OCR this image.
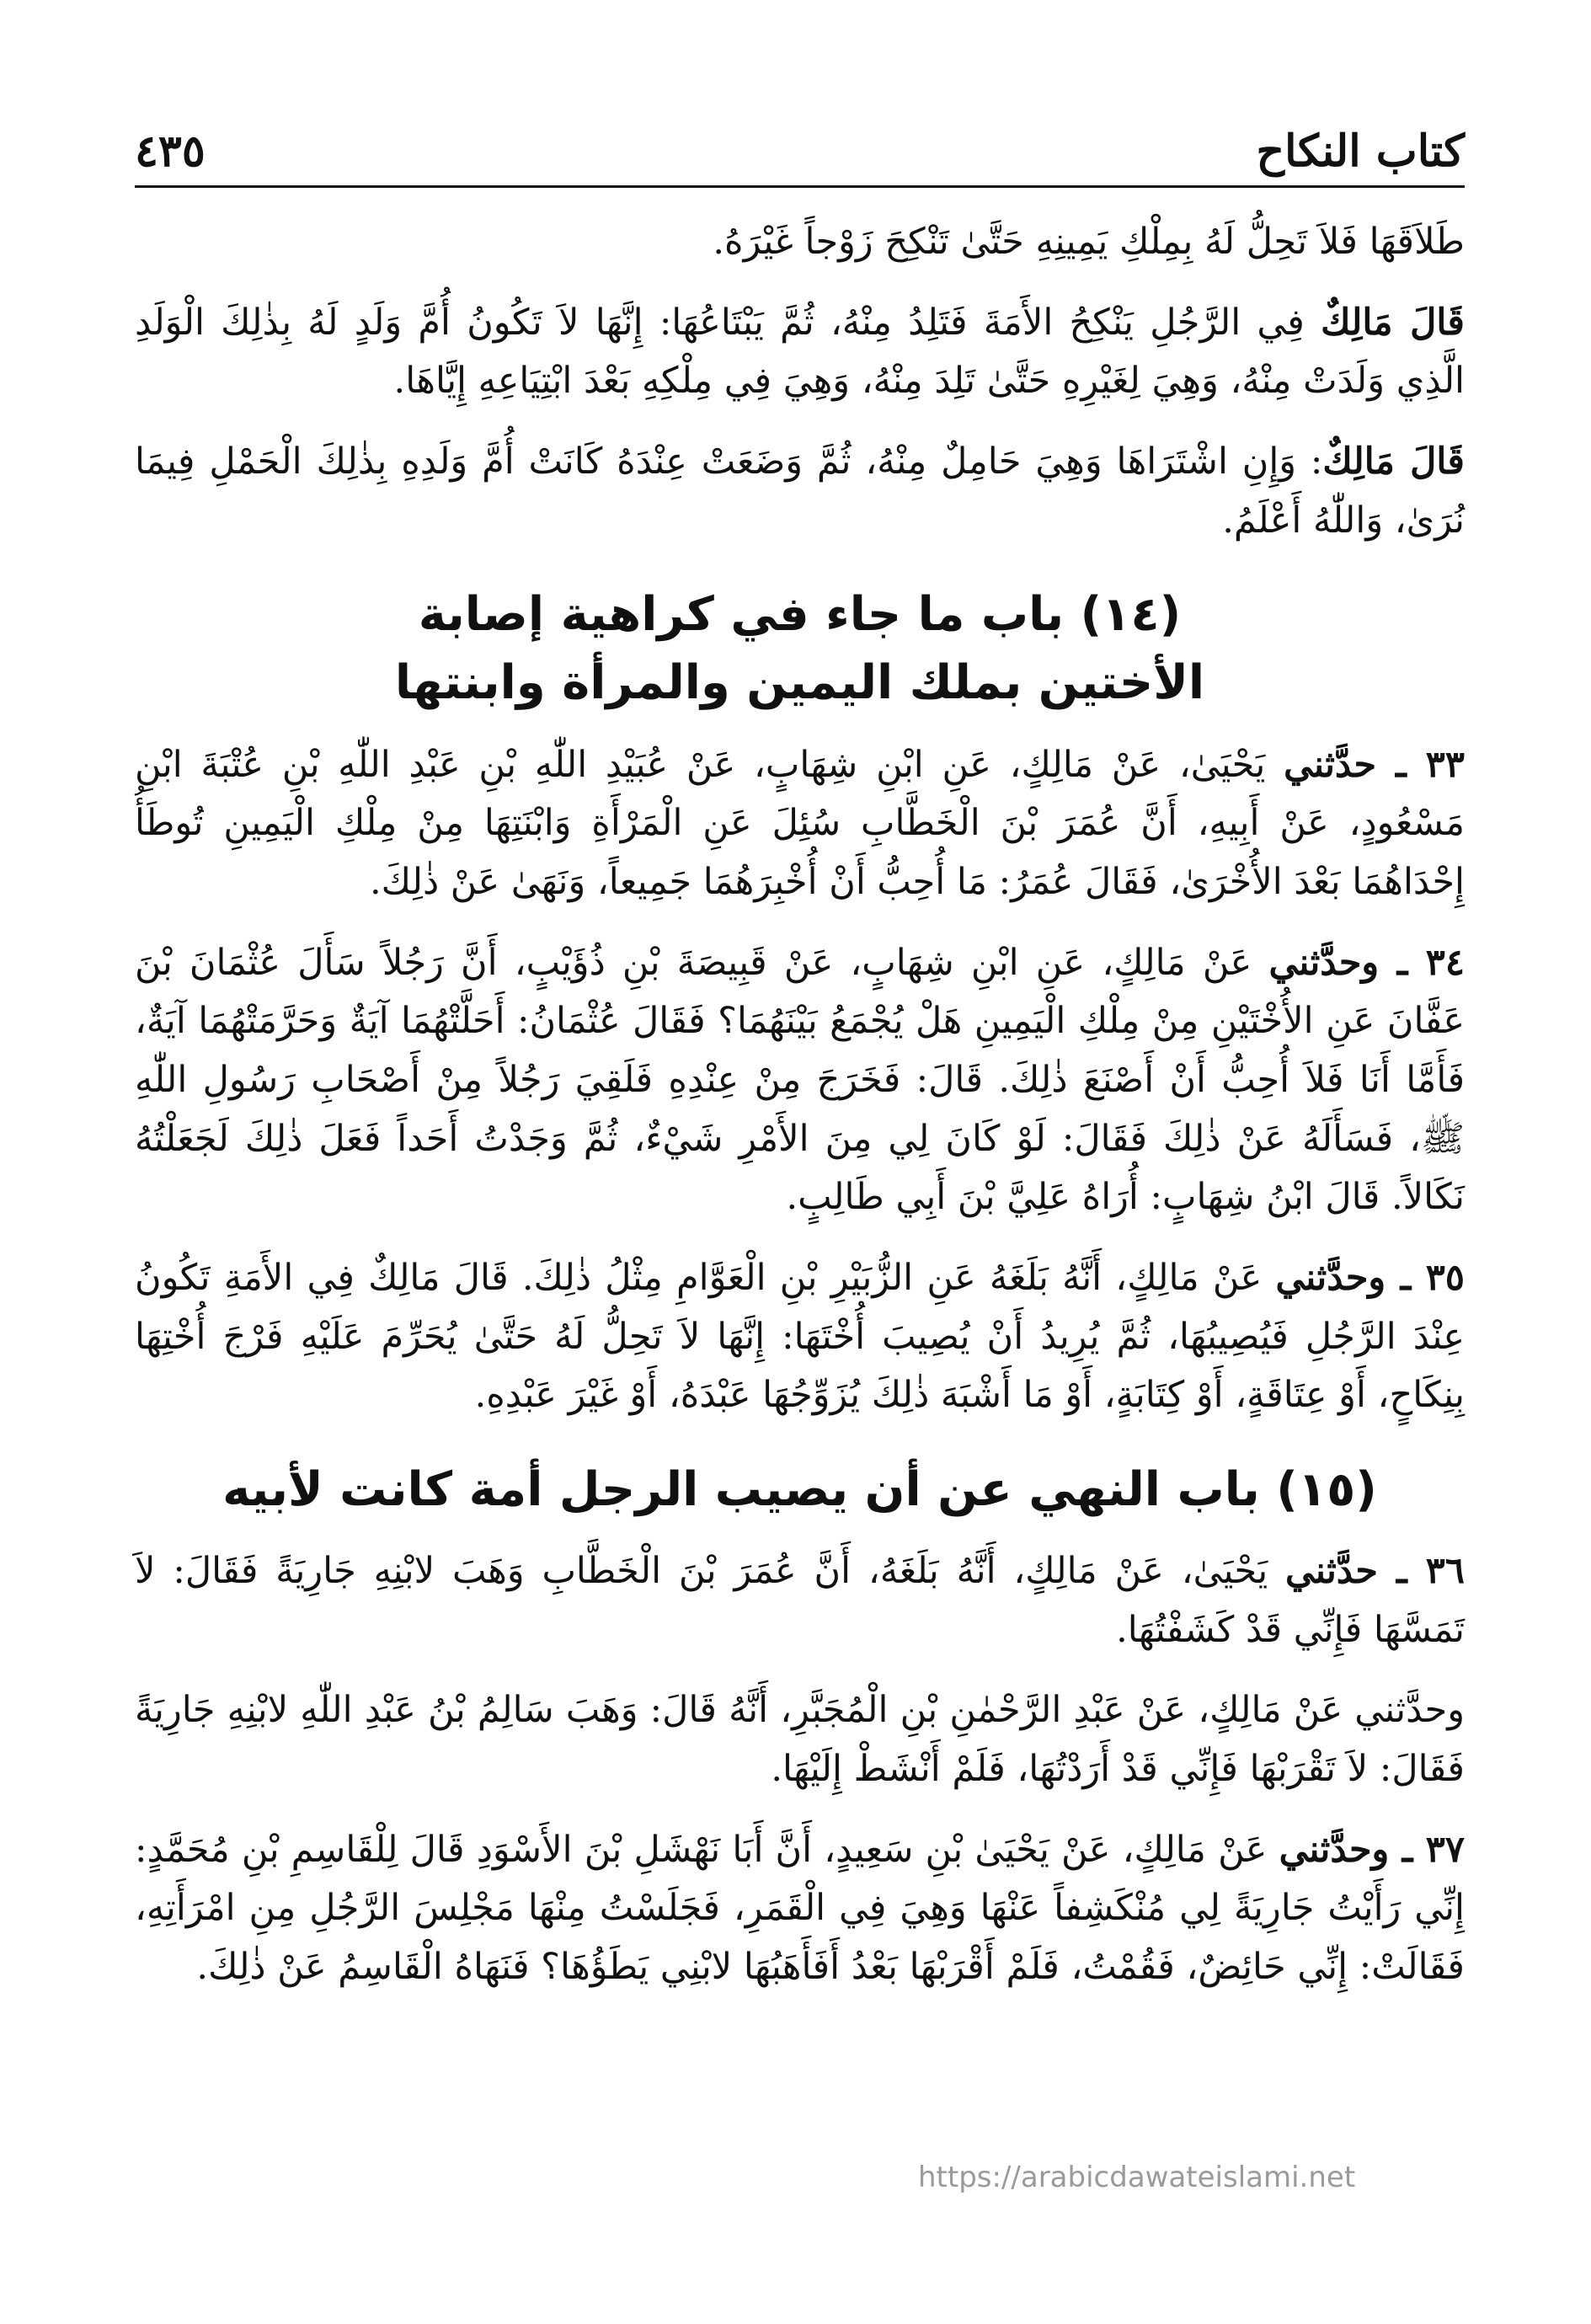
كتاب النكاح
٤٣٥

طَلاَقَهَا فَلاَ تَحِلُّ لَهُ بِمِلْكِ يَمِينِهِ حَتَّىٰ تَنْكِحَ زَوْجاً غَيْرَهُ.

قَالَ مَالِكٌ فِي الرَّجُلِ يَنْكِحُ الأَمَةَ فَتَلِدُ مِنْهُ، ثُمَّ يَبْتَاعُهَا: إِنَّهَا لاَ تَكُونُ أُمَّ وَلَدٍ لَهُ بِذٰلِكَ الْوَلَدِ الَّذِي وَلَدَتْ مِنْهُ، وَهِيَ لِغَيْرِهِ حَتَّىٰ تَلِدَ مِنْهُ، وَهِيَ فِي مِلْكِهِ بَعْدَ ابْتِيَاعِهِ إِيَّاهَا.

قَالَ مَالِكٌ: وَإِنِ اشْتَرَاهَا وَهِيَ حَامِلٌ مِنْهُ، ثُمَّ وَضَعَتْ عِنْدَهُ كَانَتْ أُمَّ وَلَدِهِ بِذٰلِكَ الْحَمْلِ فِيمَا نُرَىٰ، وَاللّٰهُ أَعْلَمُ.

(١٤) باب ما جاء في كراهية إصابة
الأختين بملك اليمين والمرأة وابنتها

٣٣ ـ حدَّثني يَحْيَىٰ، عَنْ مَالِكٍ، عَنِ ابْنِ شِهَابٍ، عَنْ عُبَيْدِ اللّٰهِ بْنِ عَبْدِ اللّٰهِ بْنِ عُتْبَةَ ابْنِ مَسْعُودٍ، عَنْ أَبِيهِ، أَنَّ عُمَرَ بْنَ الْخَطَّابِ سُئِلَ عَنِ الْمَرْأَةِ وَابْنَتِهَا مِنْ مِلْكِ الْيَمِينِ تُوطَأُ إِحْدَاهُمَا بَعْدَ الأُخْرَىٰ، فَقَالَ عُمَرُ: مَا أُحِبُّ أَنْ أُخْبِرَهُمَا جَمِيعاً، وَنَهَىٰ عَنْ ذٰلِكَ.

٣٤ ـ وحدَّثني عَنْ مَالِكٍ، عَنِ ابْنِ شِهَابٍ، عَنْ قَبِيصَةَ بْنِ ذُؤَيْبٍ، أَنَّ رَجُلاً سَأَلَ عُثْمَانَ بْنَ عَفَّانَ عَنِ الأُخْتَيْنِ مِنْ مِلْكِ الْيَمِينِ هَلْ يُجْمَعُ بَيْنَهُمَا؟ فَقَالَ عُثْمَانُ: أَحَلَّتْهُمَا آيَةٌ وَحَرَّمَتْهُمَا آيَةٌ، فَأَمَّا أَنَا فَلاَ أُحِبُّ أَنْ أَصْنَعَ ذٰلِكَ. قَالَ: فَخَرَجَ مِنْ عِنْدِهِ فَلَقِيَ رَجُلاً مِنْ أَصْحَابِ رَسُولِ اللّٰهِ ﷺ، فَسَأَلَهُ عَنْ ذٰلِكَ فَقَالَ: لَوْ كَانَ لِي مِنَ الأَمْرِ شَيْءٌ، ثُمَّ وَجَدْتُ أَحَداً فَعَلَ ذٰلِكَ لَجَعَلْتُهُ نَكَالاً. قَالَ ابْنُ شِهَابٍ: أُرَاهُ عَلِيَّ بْنَ أَبِي طَالِبٍ.

٣٥ ـ وحدَّثني عَنْ مَالِكٍ، أَنَّهُ بَلَغَهُ عَنِ الزُّبَيْرِ بْنِ الْعَوَّامِ مِثْلُ ذٰلِكَ. قَالَ مَالِكٌ فِي الأَمَةِ تَكُونُ عِنْدَ الرَّجُلِ فَيُصِيبُهَا، ثُمَّ يُرِيدُ أَنْ يُصِيبَ أُخْتَهَا: إِنَّهَا لاَ تَحِلُّ لَهُ حَتَّىٰ يُحَرِّمَ عَلَيْهِ فَرْجَ أُخْتِهَا بِنِكَاحٍ، أَوْ عِتَاقَةٍ، أَوْ كِتَابَةٍ، أَوْ مَا أَشْبَهَ ذٰلِكَ يُزَوِّجُهَا عَبْدَهُ، أَوْ غَيْرَ عَبْدِهِ.

(١٥) باب النهي عن أن يصيب الرجل أمة كانت لأبيه

٣٦ ـ حدَّثني يَحْيَىٰ، عَنْ مَالِكٍ، أَنَّهُ بَلَغَهُ، أَنَّ عُمَرَ بْنَ الْخَطَّابِ وَهَبَ لابْنِهِ جَارِيَةً فَقَالَ: لاَ تَمَسَّهَا فَإِنِّي قَدْ كَشَفْتُهَا.

وحدَّثني عَنْ مَالِكٍ، عَنْ عَبْدِ الرَّحْمٰنِ بْنِ الْمُجَبَّرِ، أَنَّهُ قَالَ: وَهَبَ سَالِمُ بْنُ عَبْدِ اللّٰهِ لابْنِهِ جَارِيَةً فَقَالَ: لاَ تَقْرَبْهَا فَإِنِّي قَدْ أَرَدْتُهَا، فَلَمْ أَنْشَطْ إِلَيْهَا.

٣٧ ـ وحدَّثني عَنْ مَالِكٍ، عَنْ يَحْيَىٰ بْنِ سَعِيدٍ، أَنَّ أَبَا نَهْشَلِ بْنَ الأَسْوَدِ قَالَ لِلْقَاسِمِ بْنِ مُحَمَّدٍ: إِنِّي رَأَيْتُ جَارِيَةً لِي مُنْكَشِفاً عَنْهَا وَهِيَ فِي الْقَمَرِ، فَجَلَسْتُ مِنْهَا مَجْلِسَ الرَّجُلِ مِنِ امْرَأَتِهِ، فَقَالَتْ: إِنِّي حَائِضٌ، فَقُمْتُ، فَلَمْ أَقْرَبْهَا بَعْدُ أَفَأَهَبُهَا لابْنِي يَطَؤُهَا؟ فَنَهَاهُ الْقَاسِمُ عَنْ ذٰلِكَ.

https://arabicdawateislami.net
